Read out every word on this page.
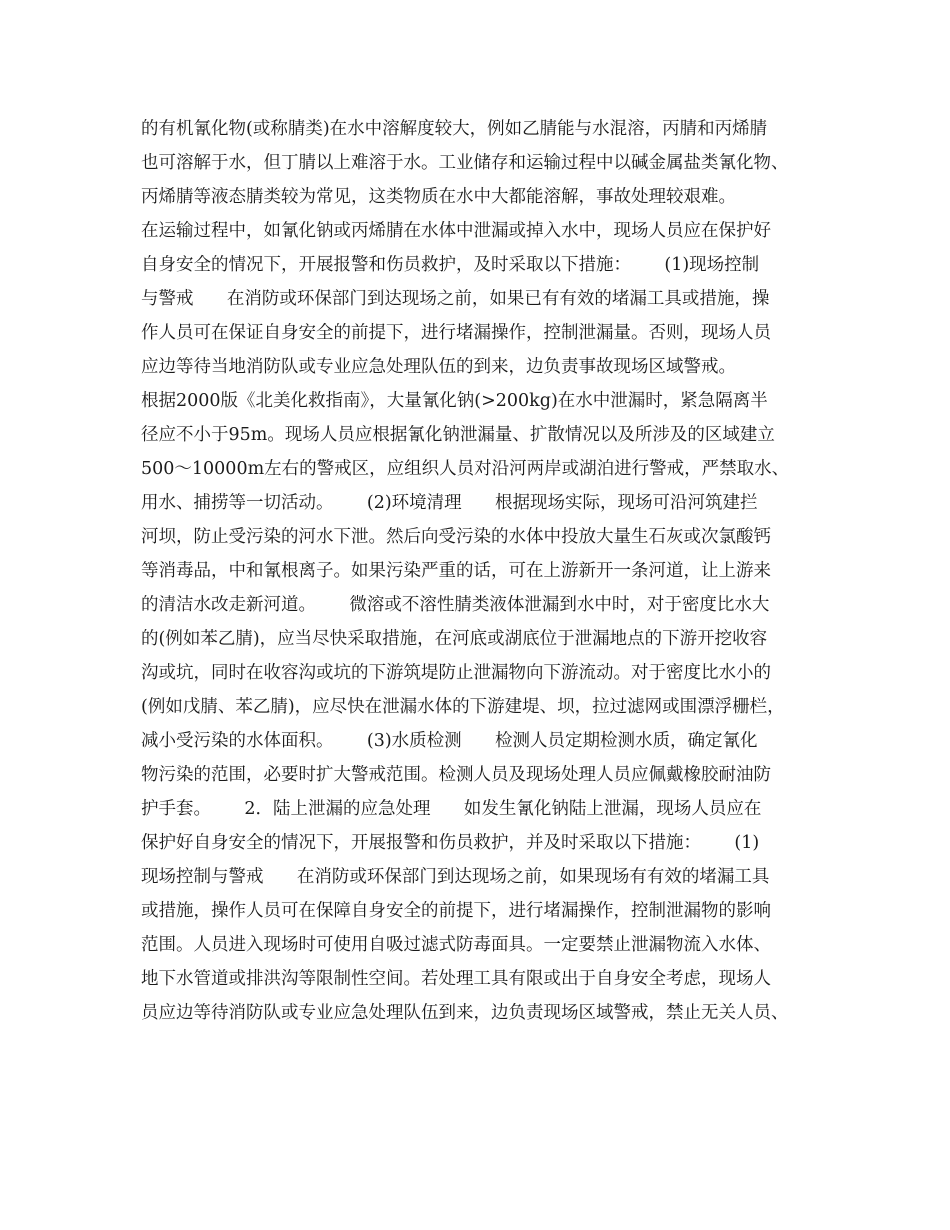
的有机氰化物(或称腈类)在水中溶解度较大，例如乙腈能与水混溶，丙腈和丙烯腈
也可溶解于水，但丁腈以上难溶于水。工业储存和运输过程中以碱金属盐类氰化物、
丙烯腈等液态腈类较为常见，这类物质在水中大都能溶解，事故处理较艰难。
在运输过程中，如氰化钠或丙烯腈在水体中泄漏或掉入水中，现场人员应在保护好
自身安全的情况下，开展报警和伤员救护，及时采取以下措施：      (1)现场控制
与警戒      在消防或环保部门到达现场之前，如果已有有效的堵漏工具或措施，操
作人员可在保证自身安全的前提下，进行堵漏操作，控制泄漏量。否则，现场人员
应边等待当地消防队或专业应急处理队伍的到来，边负责事故现场区域警戒。
根据2000版《北美化救指南》，大量氰化钠(>200kg)在水中泄漏时，紧急隔离半
径应不小于95m。现场人员应根据氰化钠泄漏量、扩散情况以及所涉及的区域建立
500～10000m左右的警戒区，应组织人员对沿河两岸或湖泊进行警戒，严禁取水、
用水、捕捞等一切活动。      (2)环境清理      根据现场实际，现场可沿河筑建拦
河坝，防止受污染的河水下泄。然后向受污染的水体中投放大量生石灰或次氯酸钙
等消毒品，中和氰根离子。如果污染严重的话，可在上游新开一条河道，让上游来
的清洁水改走新河道。      微溶或不溶性腈类液体泄漏到水中时，对于密度比水大
的(例如苯乙腈)，应当尽快采取措施，在河底或湖底位于泄漏地点的下游开挖收容
沟或坑，同时在收容沟或坑的下游筑堤防止泄漏物向下游流动。对于密度比水小的
(例如戊腈、苯乙腈)，应尽快在泄漏水体的下游建堤、坝，拉过滤网或围漂浮栅栏，
减小受污染的水体面积。      (3)水质检测      检测人员定期检测水质，确定氰化
物污染的范围，必要时扩大警戒范围。检测人员及现场处理人员应佩戴橡胶耐油防
护手套。      2．陆上泄漏的应急处理      如发生氰化钠陆上泄漏，现场人员应在
保护好自身安全的情况下，开展报警和伤员救护，并及时采取以下措施：      (1)
现场控制与警戒      在消防或环保部门到达现场之前，如果现场有有效的堵漏工具
或措施，操作人员可在保障自身安全的前提下，进行堵漏操作，控制泄漏物的影响
范围。人员进入现场时可使用自吸过滤式防毒面具。一定要禁止泄漏物流入水体、
地下水管道或排洪沟等限制性空间。若处理工具有限或出于自身安全考虑，现场人
员应边等待消防队或专业应急处理队伍到来，边负责现场区域警戒，禁止无关人员、
